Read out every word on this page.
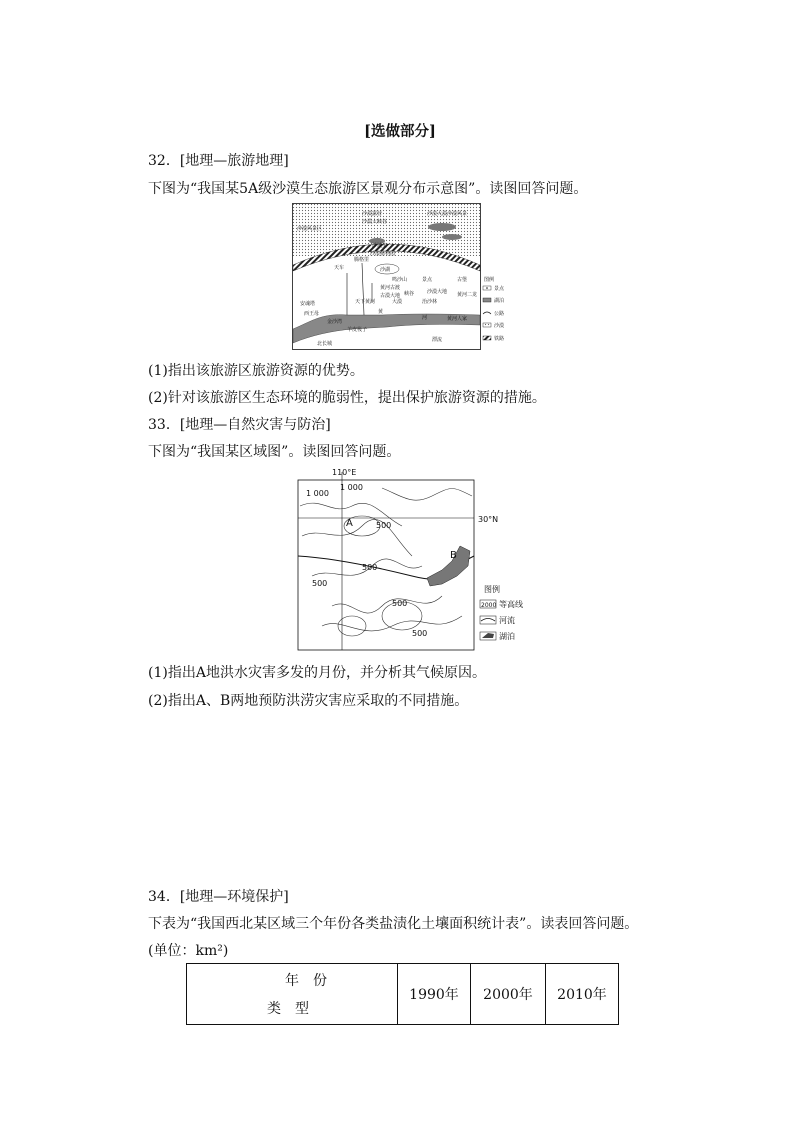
[选做部分]
32．[地理—旅游地理]
下图为“我国某5A级沙漠生态旅游区景观分布示意图”。读图回答问题。
沙漠露营
沙漠大峡谷
沙漠风景区
沙漠大漠沙漠风景
沙坡头
沙漠植物园
沙湖
天车
腾格里
鸣沙山	景点	古堡
黄河古渡
沙漠大地
古漠大地
天下黄河
黄河二龙
大漠
安魂塔
峡谷
治沙林
西王母	黄
河
北长城
金沙湾
羊皮筏子
黄河人家
漂流
图例
景点
湖泊
公路
沙漠
铁路
(1)指出该旅游区旅游资源的优势。
(2)针对该旅游区生态环境的脆弱性，提出保护旅游资源的措施。
33．[地理—自然灾害与防治]
下图为“我国某区域图”。读图回答问题。
110°E
30°N
1 000
1 000
500
500
500
500
500
A
B
图例
2000 等高线
河流
湖泊
(1)指出A地洪水灾害多发的月份，并分析其气候原因。
(2)指出A、B两地预防洪涝灾害应采取的不同措施。
34．[地理—环境保护]
下表为“我国西北某区域三个年份各类盐渍化土壤面积统计表”。读表回答问题。
(单位：km²)
年　份
类　型
	1990年	2000年	2010年
